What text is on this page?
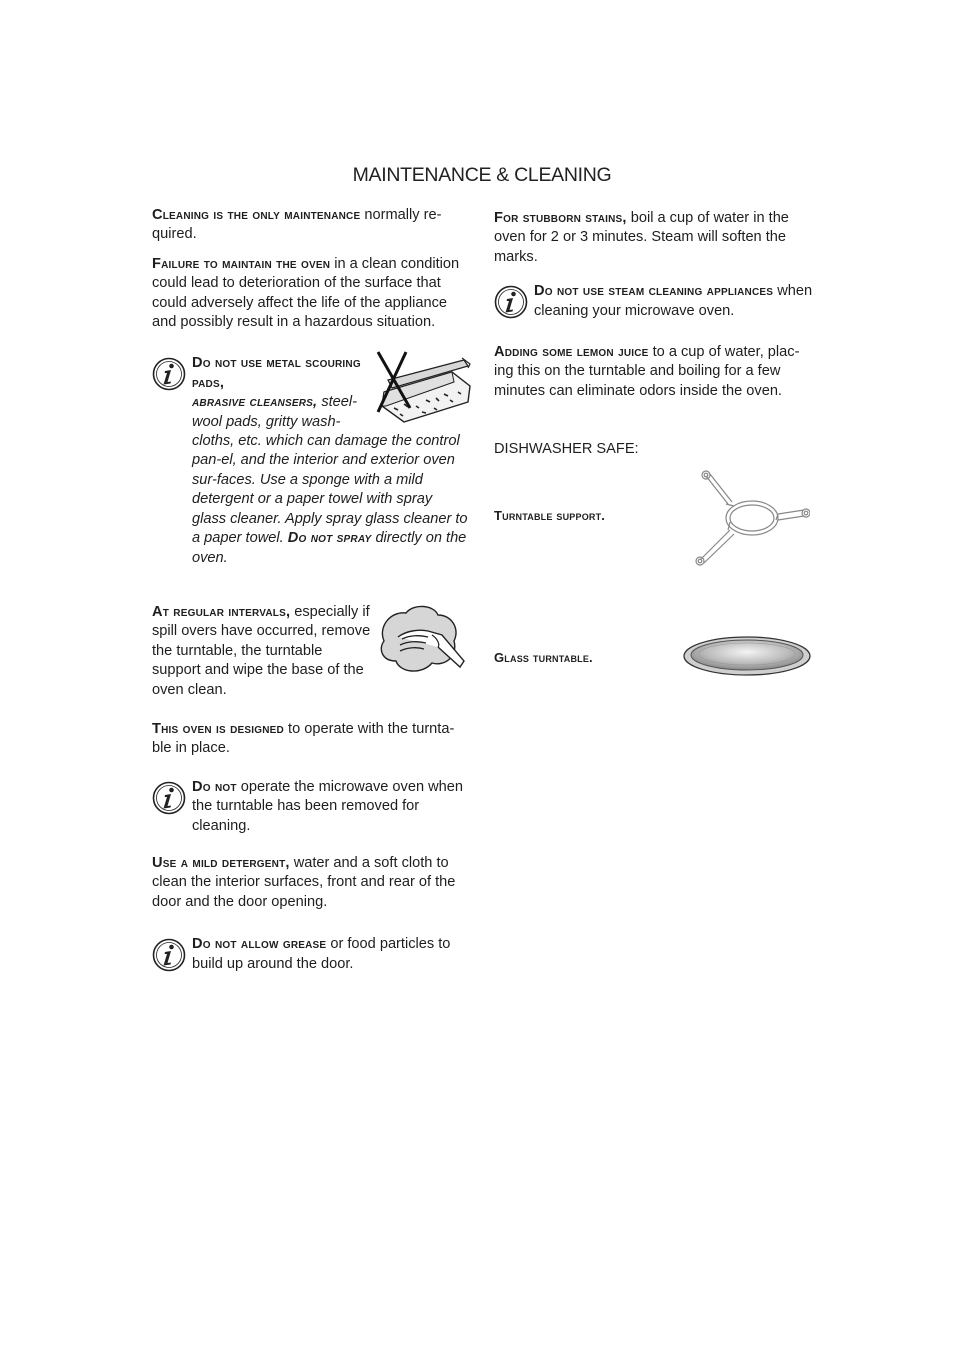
MAINTENANCE & CLEANING

Cleaning is the only maintenance normally re-quired.

Failure to maintain the oven in a clean condition could lead to deterioration of the surface that could adversely affect the life of the appliance and possibly result in a hazardous situation.

Do not use metal scouring pads,
abrasive cleansers, steel-wool pads, gritty wash-cloths, etc. which can damage the control pan-el, and the interior and exterior oven sur-faces. Use a sponge with a mild detergent or a paper towel with spray glass cleaner. Apply spray glass cleaner to a paper towel. Do not spray directly on the oven.

At regular intervals, especially if spill overs have occurred, remove the turntable, the turntable support and wipe the base of the oven clean.

This oven is designed to operate with the turnta-ble in place.

Do not operate the microwave oven when the turntable has been removed for cleaning.

Use a mild detergent, water and a soft cloth to clean the interior surfaces, front and rear of the door and the door opening.

Do not allow grease or food particles to build up around the door.

For stubborn stains, boil a cup of water in the oven for 2 or 3 minutes. Steam will soften the marks.

Do not use steam cleaning appliances when cleaning your microwave oven.

Adding some lemon juice to a cup of water, plac-ing this on the turntable and boiling for a few minutes can eliminate odors inside the oven.

DISHWASHER SAFE:

Turntable support.
Glass turntable.
